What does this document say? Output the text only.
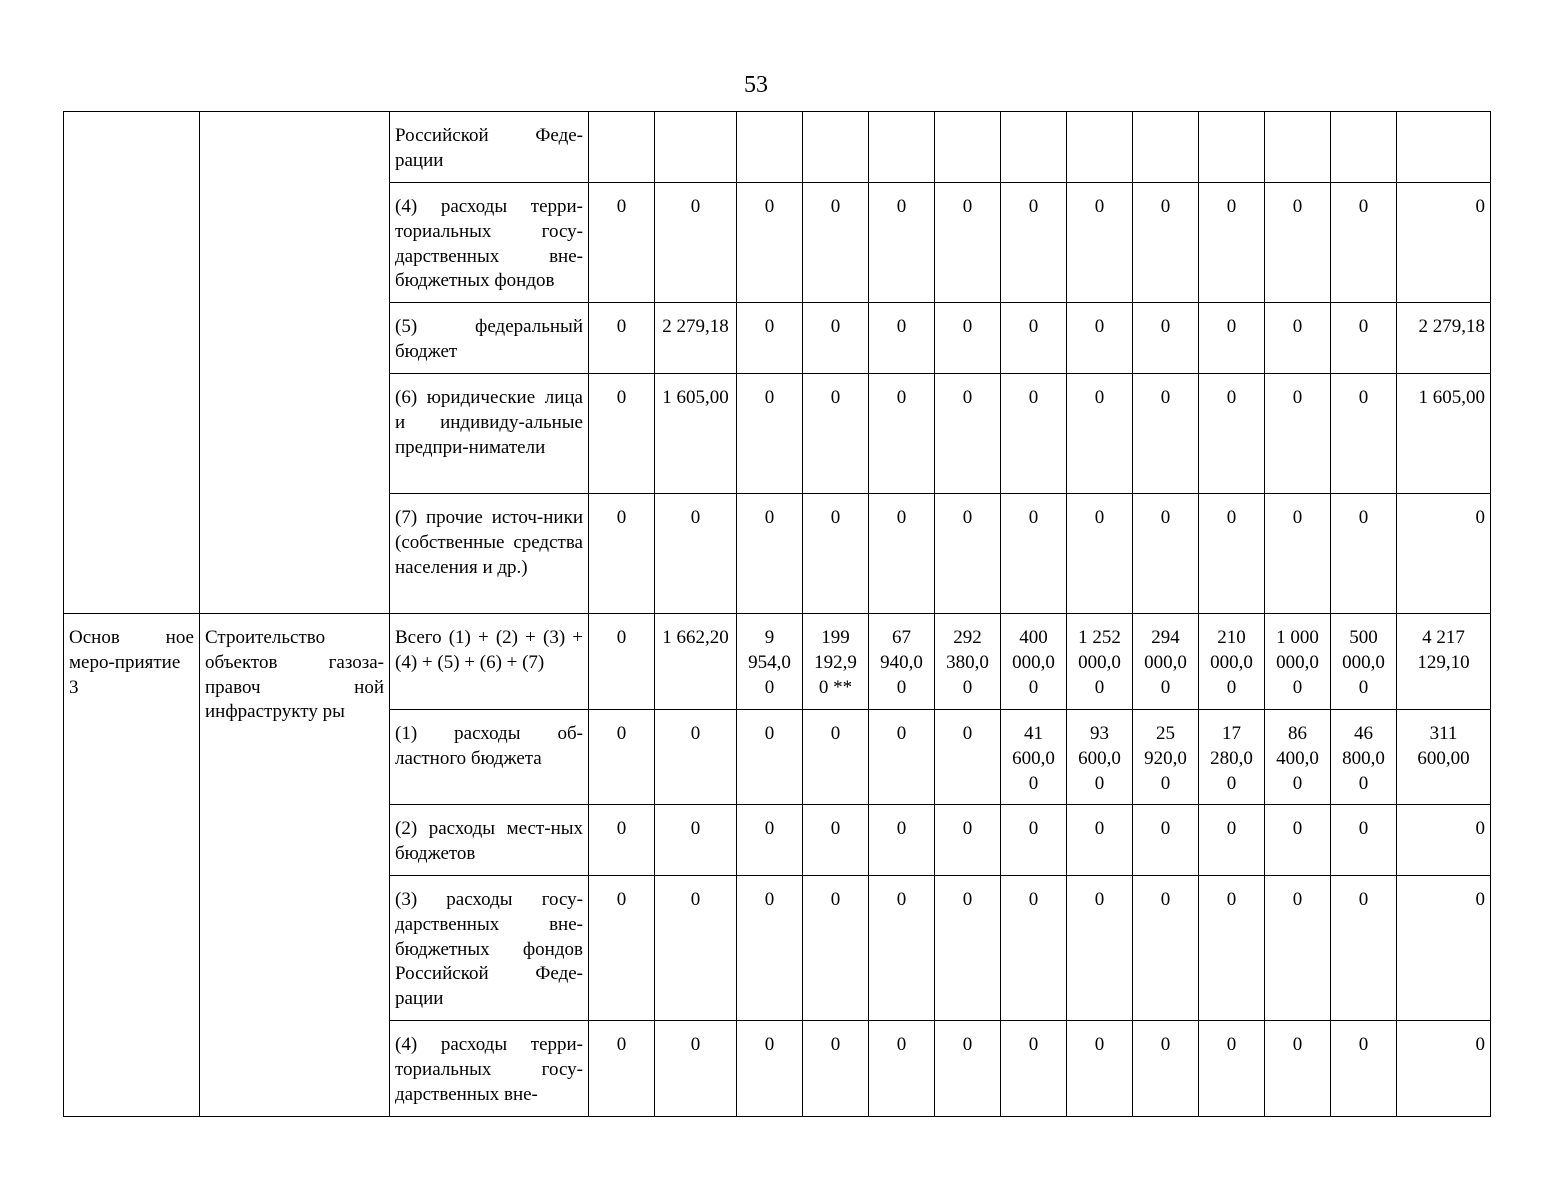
53
		Российской Феде-рации													
		(4) расходы терри-ториальных госу-дарственных вне-бюджетных фондов	0	0	0	0	0	0	0	0	0	0	0	0	0
		(5) федеральный бюджет	0	2 279,18	0	0	0	0	0	0	0	0	0	0	2 279,18
		(6) юридические лица и индивиду-альные предпри-ниматели	0	1 605,00	0	0	0	0	0	0	0	0	0	0	1 605,00
		(7) прочие источ-ники (собственные средства населения и др.)	0	0	0	0	0	0	0	0	0	0	0	0	0
Основ ное меро-приятие 3	Строительство объектов газоза-правоч ной инфраструкту ры	Всего (1) + (2) + (3) + (4) + (5) + (6) + (7)	0	1 662,20	9 954,0 0	199 192,9 0 **	67 940,0 0	292 380,0 0	400 000,0 0	1 252 000,0 0	294 000,0 0	210 000,0 0	1 000 000,0 0	500 000,0 0	4 217 129,10
		(1) расходы об-ластного бюджета	0	0	0	0	0	0	41 600,0 0	93 600,0 0	25 920,0 0	17 280,0 0	86 400,0 0	46 800,0 0	311 600,00
		(2) расходы мест-ных бюджетов	0	0	0	0	0	0	0	0	0	0	0	0	0
		(3) расходы госу-дарственных вне-бюджетных фондов Российской Феде-рации	0	0	0	0	0	0	0	0	0	0	0	0	0
		(4) расходы терри-ториальных госу-дарственных вне-	0	0	0	0	0	0	0	0	0	0	0	0	0
